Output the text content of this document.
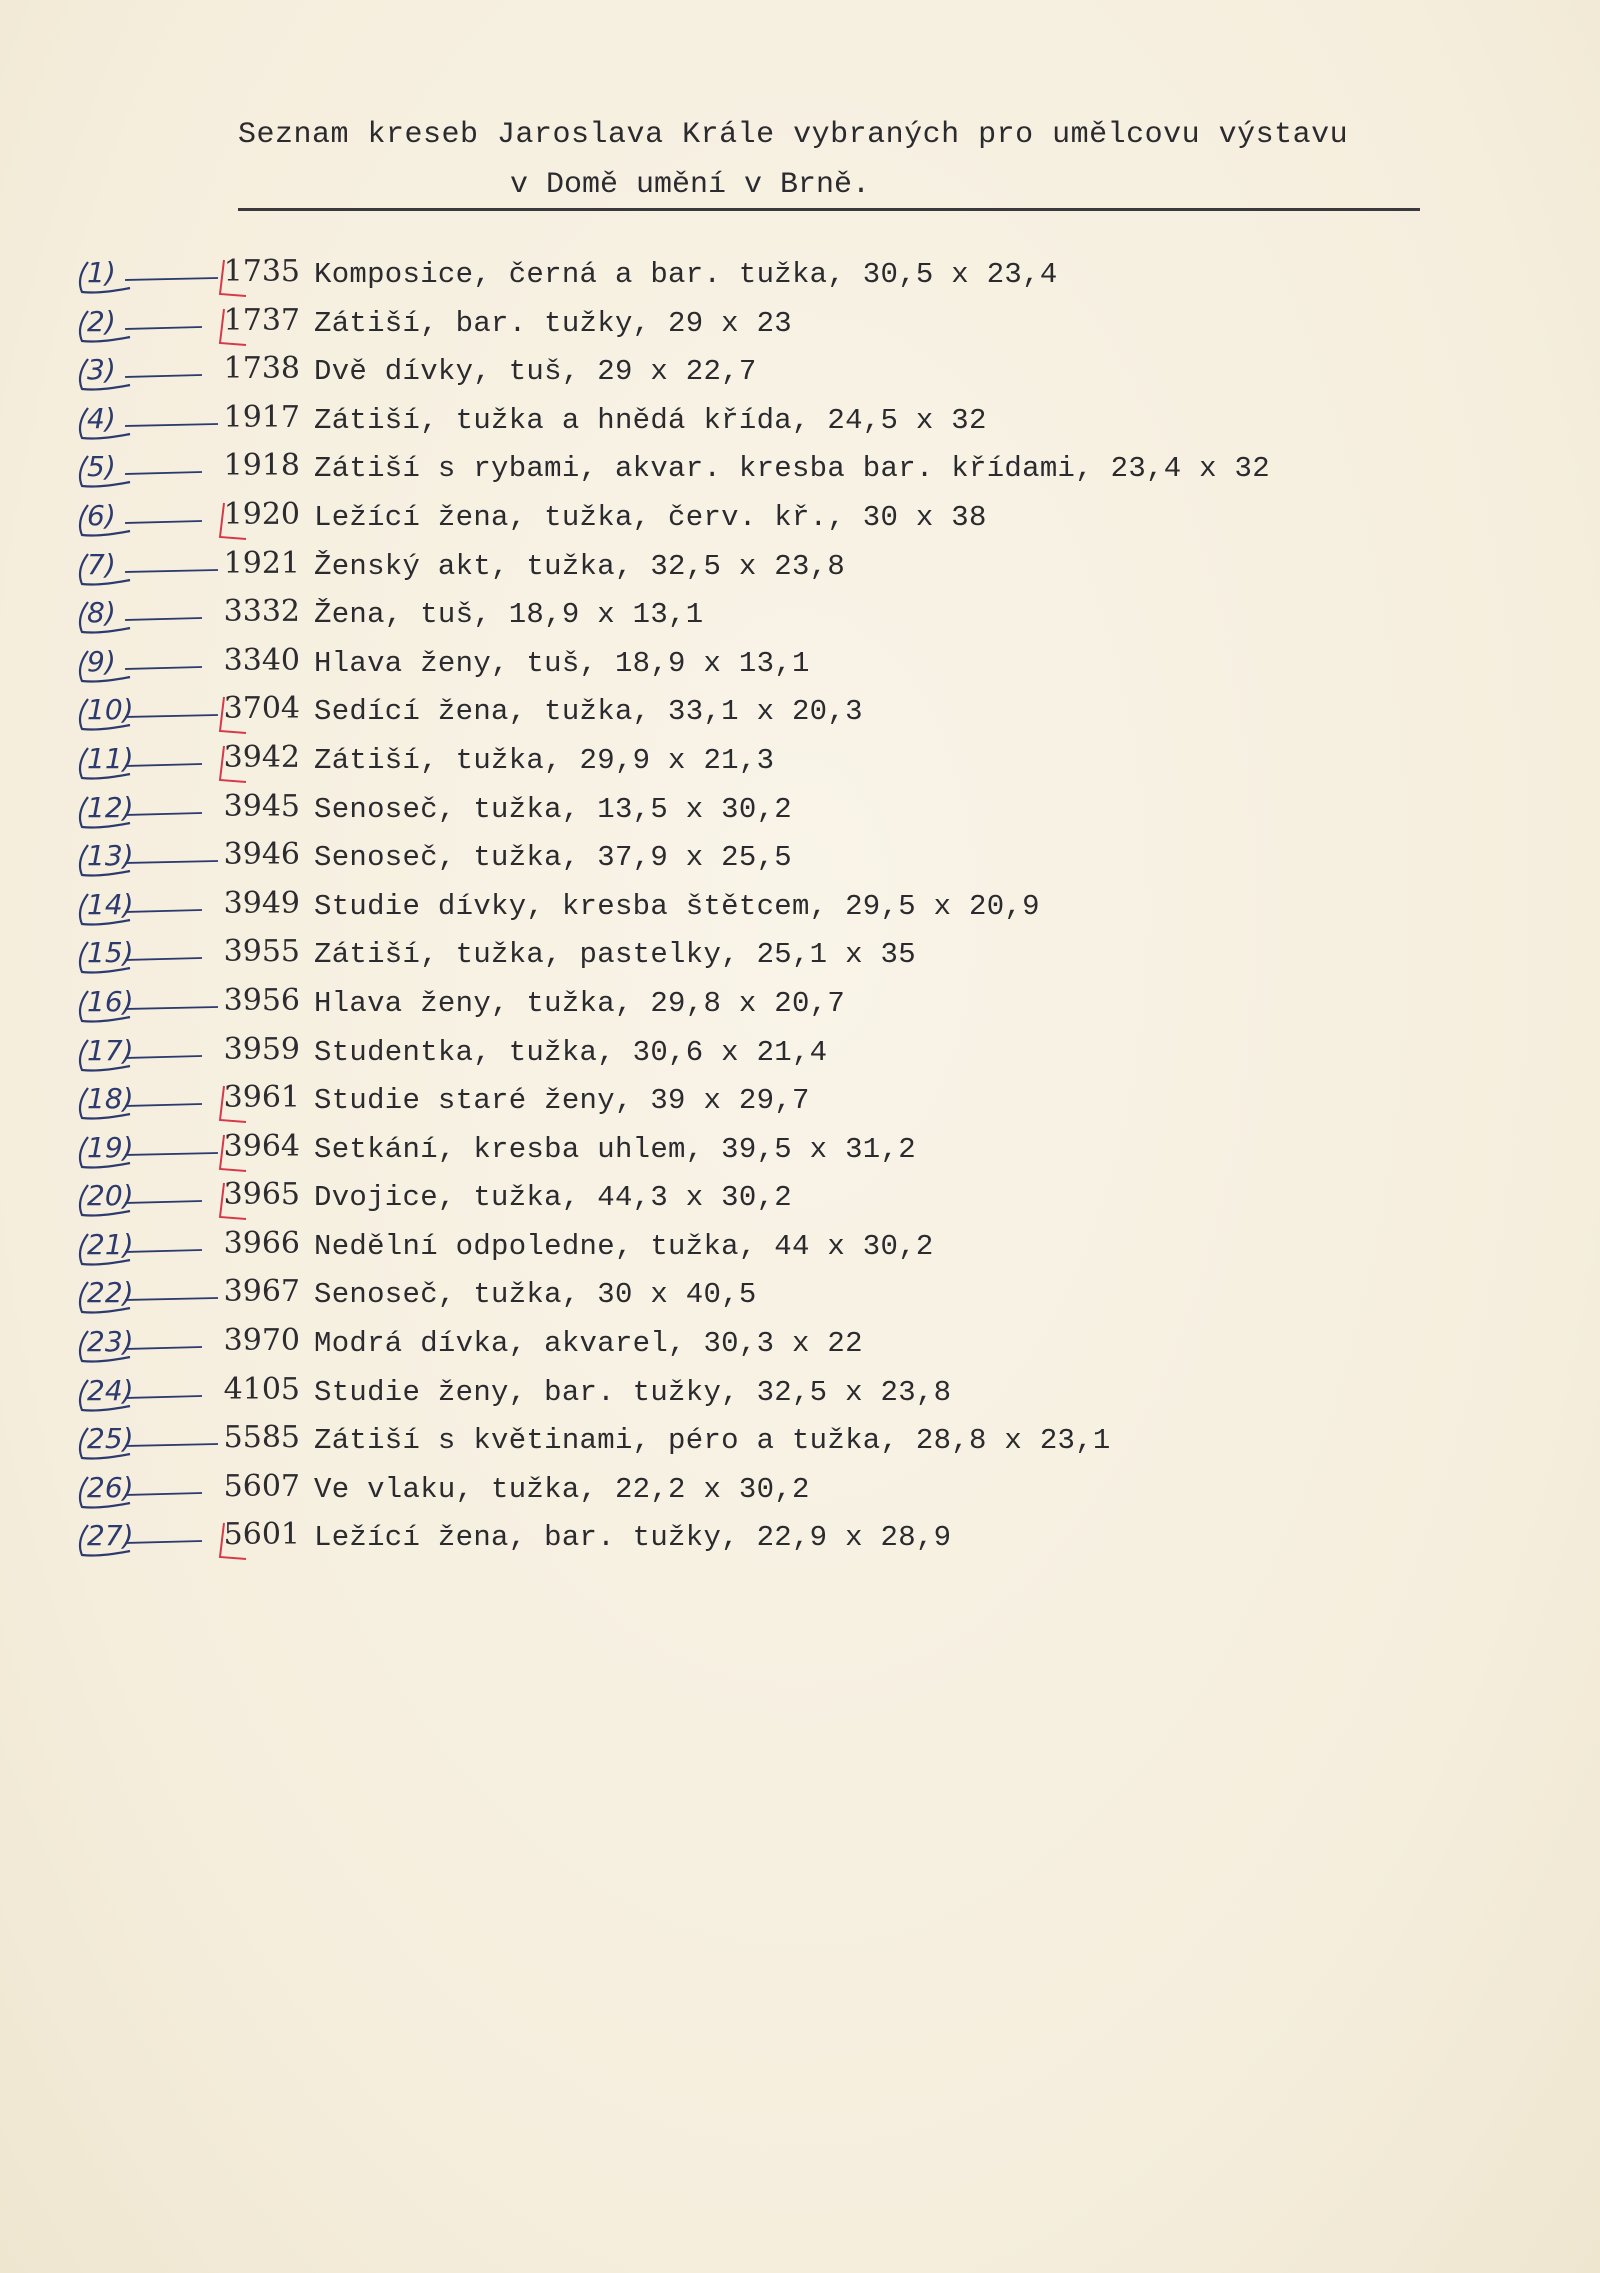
Seznam kreseb Jaroslava Krále vybraných pro umělcovu výstavu
v Domě umění v Brně.
1)	1735 Komposice, černá a bar. tužka, 30,5 x 23,4
2)	1737 Zátiší, bar. tužky, 29 x 23
3)	1738 Dvě dívky, tuš, 29 x 22,7
4)	1917 Zátiší, tužka a hnědá křída, 24,5 x 32
5)	1918 Zátiší s rybami, akvar. kresba bar. křídami, 23,4 x 32
6)	1920 Ležící žena, tužka, červ. kř., 30 x 38
7)	1921 Ženský akt, tužka, 32,5 x 23,8
8)	3332 Žena, tuš, 18,9 x 13,1
9)	3340 Hlava ženy, tuš, 18,9 x 13,1
10)	3704 Sedící žena, tužka, 33,1 x 20,3
11)	3942 Zátiší, tužka, 29,9 x 21,3
12)	3945 Senoseč, tužka, 13,5 x 30,2
13)	3946 Senoseč, tužka, 37,9 x 25,5
14)	3949 Studie dívky, kresba štětcem, 29,5 x 20,9
15)	3955 Zátiší, tužka, pastelky, 25,1 x 35
16)	3956 Hlava ženy, tužka, 29,8 x 20,7
17)	3959 Studentka, tužka, 30,6 x 21,4
18)	3961 Studie staré ženy, 39 x 29,7
19)	3964 Setkání, kresba uhlem, 39,5 x 31,2
20)	3965 Dvojice, tužka, 44,3 x 30,2
21)	3966 Nedělní odpoledne, tužka, 44 x 30,2
22)	3967 Senoseč, tužka, 30 x 40,5
23)	3970 Modrá dívka, akvarel, 30,3 x 22
24)	4105 Studie ženy, bar. tužky, 32,5 x 23,8
25)	5585 Zátiší s květinami, péro a tužka, 28,8 x 23,1
26)	5607 Ve vlaku, tužka, 22,2 x 30,2
27)	5601 Ležící žena, bar. tužky, 22,9 x 28,9
